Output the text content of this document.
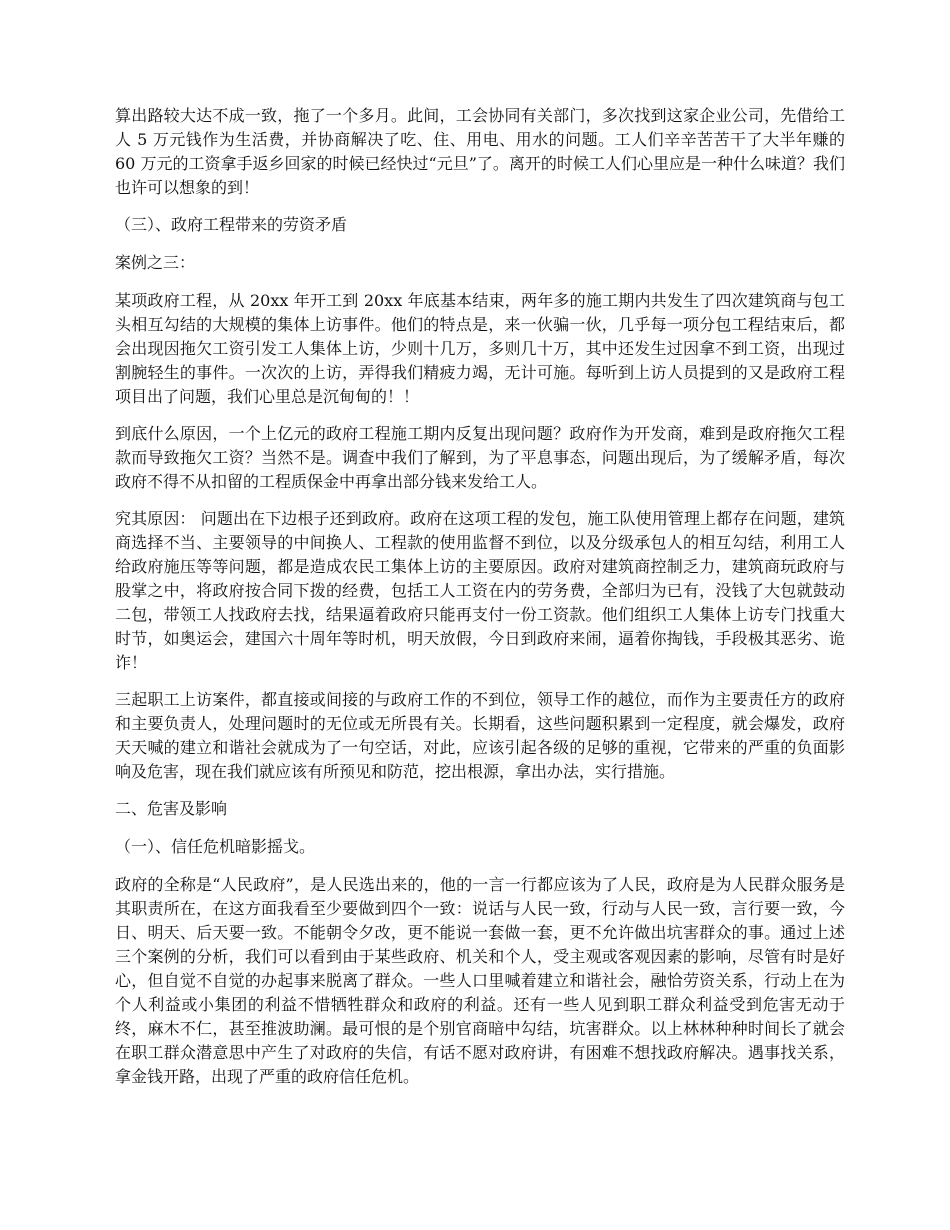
算出路较大达不成一致，拖了一个多月。此间，工会协同有关部门，多次找到这家企业公司，先借给工人 5 万元钱作为生活费，并协商解决了吃、住、用电、用水的问题。工人们辛辛苦苦干了大半年赚的 60 万元的工资拿手返乡回家的时候已经快过“元旦”了。离开的时候工人们心里应是一种什么味道？我们也许可以想象的到！

（三）、政府工程带来的劳资矛盾

案例之三：

某项政府工程，从 20xx 年开工到 20xx 年底基本结束，两年多的施工期内共发生了四次建筑商与包工头相互勾结的大规模的集体上访事件。他们的特点是，来一伙骗一伙，几乎每一项分包工程结束后，都会出现因拖欠工资引发工人集体上访，少则十几万，多则几十万，其中还发生过因拿不到工资，出现过 割腕轻生的事件。一次次的上访，弄得我们精疲力竭，无计可施。每听到上访人员提到的又是政府工程项目出了问题，我们心里总是沉甸甸的！！

到底什么原因，一个上亿元的政府工程施工期内反复出现问题？政府作为开发商，难到是政府拖欠工程款而导致拖欠工资？当然不是。调查中我们了解到，为了平息事态，问题出现后，为了缓解矛盾，每次政府不得不从扣留的工程质保金中再拿出部分钱来发给工人。

究其原因： 问题出在下边根子还到政府。政府在这项工程的发包，施工队使用管理上都存在问题，建筑商选择不当、主要领导的中间换人、工程款的使用监督不到位，以及分级承包人的相互勾结，利用工人给政府施压等等问题，都是造成农民工集体上访的主要原因。政府对建筑商控制乏力，建筑商玩政府与股掌之中，将政府按合同下拨的经费，包括工人工资在内的劳务费，全部归为已有，没钱了大包就鼓动二包，带领工人找政府去找，结果逼着政府只能再支付一份工资款。他们组织工人集体上访专门找重大时节，如奥运会，建国六十周年等时机，明天放假，今日到政府来闹，逼着你掏钱，手段极其恶劣、诡诈！

三起职工上访案件，都直接或间接的与政府工作的不到位，领导工作的越位，而作为主要责任方的政府和主要负责人，处理问题时的无位或无所畏有关。长期看，这些问题积累到一定程度，就会爆发，政府天天喊的建立和谐社会就成为了一句空话，对此，应该引起各级的足够的重视，它带来的严重的负面影响及危害，现在我们就应该有所预见和防范，挖出根源，拿出办法，实行措施。

二、危害及影响

（一）、信任危机暗影摇戈。

政府的全称是“人民政府”，是人民选出来的，他的一言一行都应该为了人民，政府是为人民群众服务是其职责所在，在这方面我看至少要做到四个一致：说话与人民一致，行动与人民一致，言行要一致，今日、明天、后天要一致。不能朝令夕改，更不能说一套做一套，更不允许做出坑害群众的事。通过上述三个案例的分析，我们可以看到由于某些政府、机关和个人，受主观或客观因素的影响，尽管有时是好心，但自觉不自觉的办起事来脱离了群众。一些人口里喊着建立和谐社会，融恰劳资关系，行动上在为个人利益或小集团的利益不惜牺牲群众和政府的利益。还有一些人见到职工群众利益受到危害无动于终，麻木不仁，甚至推波助澜。最可恨的是个别官商暗中勾结，坑害群众。以上林林种种时间长了就会在职工群众潜意思中产生了对政府的失信，有话不愿对政府讲，有困难不想找政府解决。遇事找关系，拿金钱开路，出现了严重的政府信任危机。
